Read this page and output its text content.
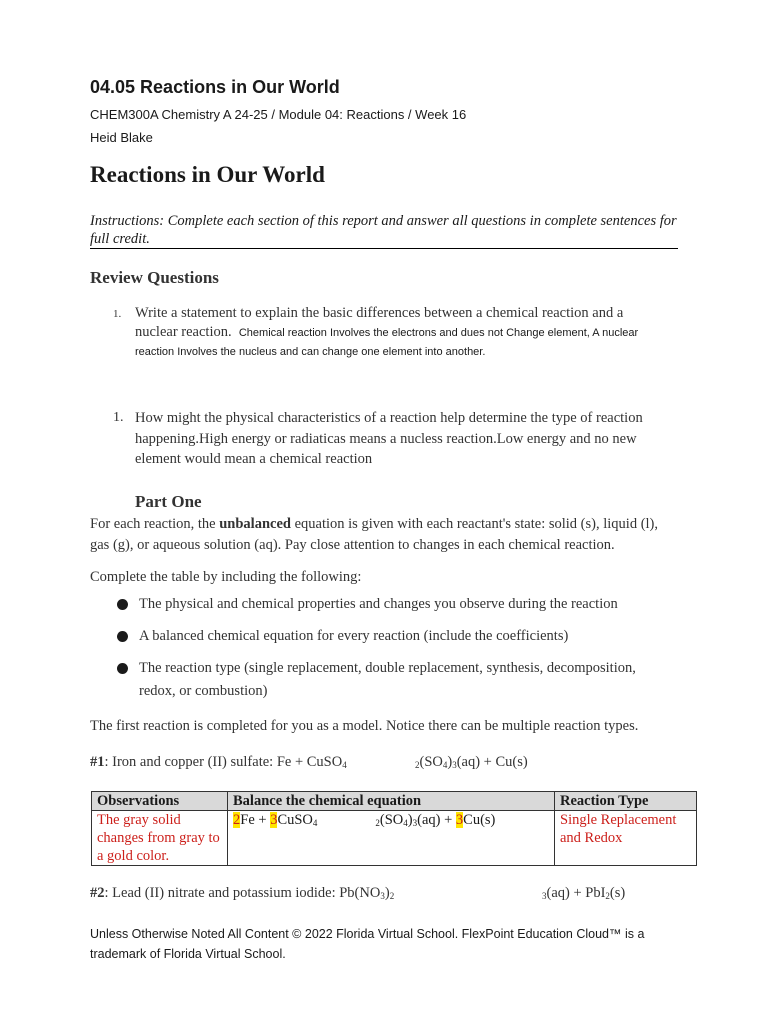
04.05 Reactions in Our World
CHEM300A Chemistry A 24-25 / Module 04: Reactions / Week 16
Heid Blake
Reactions in Our World
Instructions: Complete each section of this report and answer all questions in complete sentences for full credit.
Review Questions
1. Write a statement to explain the basic differences between a chemical reaction and a nuclear reaction. Chemical reaction Involves the electrons and dues not Change element, A nuclear reaction Involves the nucleus and can change one element into another.
1. How might the physical characteristics of a reaction help determine the type of reaction happening.High energy or radiaticas means a nucless reaction.Low energy and no new element would mean a chemical reaction
Part One
For each reaction, the unbalanced equation is given with each reactant's state: solid (s), liquid (l), gas (g), or aqueous solution (aq). Pay close attention to changes in each chemical reaction.
Complete the table by including the following:
The physical and chemical properties and changes you observe during the reaction
A balanced chemical equation for every reaction (include the coefficients)
The reaction type (single replacement, double replacement, synthesis, decomposition, redox, or combustion)
The first reaction is completed for you as a model. Notice there can be multiple reaction types.
#1: Iron and copper (II) sulfate: Fe + CuSO$_4$	$_2(SO_4)_3(aq) + Cu(s)$
Observations	Balance the chemical equation	Reaction Type
The gray solid changes from gray to a gold color.	2Fe + 3CuSO$_4$ $_2(SO_4)_3(aq) + 3Cu(s)$	Single Replacement and Redox
#2: Lead (II) nitrate and potassium iodide: $Pb(NO_3)_2$	$_3$(aq) + PbI$_2$(s)
Unless Otherwise Noted All Content © 2022 Florida Virtual School. FlexPoint Education Cloud™ is a trademark of Florida Virtual School.
